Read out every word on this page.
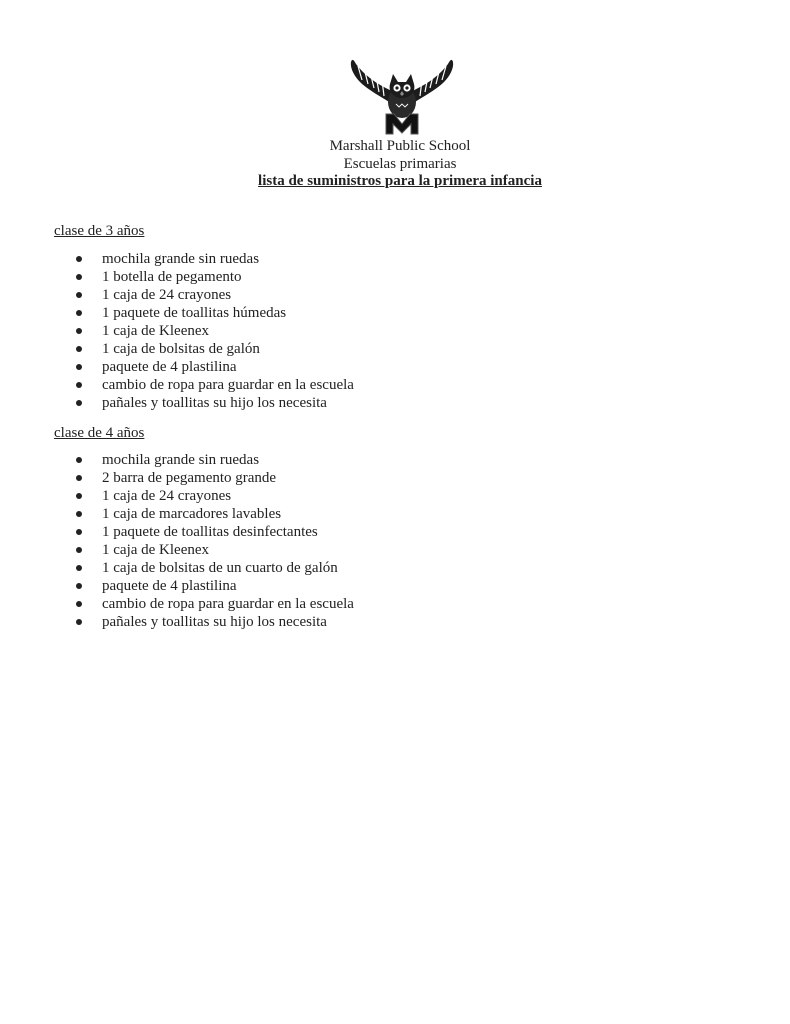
Marshall Public School
Escuelas primarias
lista de suministros para la primera infancia
clase de 3 años
mochila grande sin ruedas
1 botella de pegamento
1 caja de 24 crayones
1 paquete de toallitas húmedas
1 caja de Kleenex
1 caja de bolsitas de galón
paquete de 4 plastilina
cambio de ropa para guardar en la escuela
pañales y toallitas su hijo los necesita
clase de 4 años
mochila grande sin ruedas
2 barra de pegamento grande
1 caja de 24 crayones
1 caja de marcadores lavables
1 paquete de toallitas desinfectantes
1 caja de Kleenex
1 caja de bolsitas de un cuarto de galón
paquete de 4 plastilina
cambio de ropa para guardar en la escuela
pañales y toallitas su hijo los necesita
